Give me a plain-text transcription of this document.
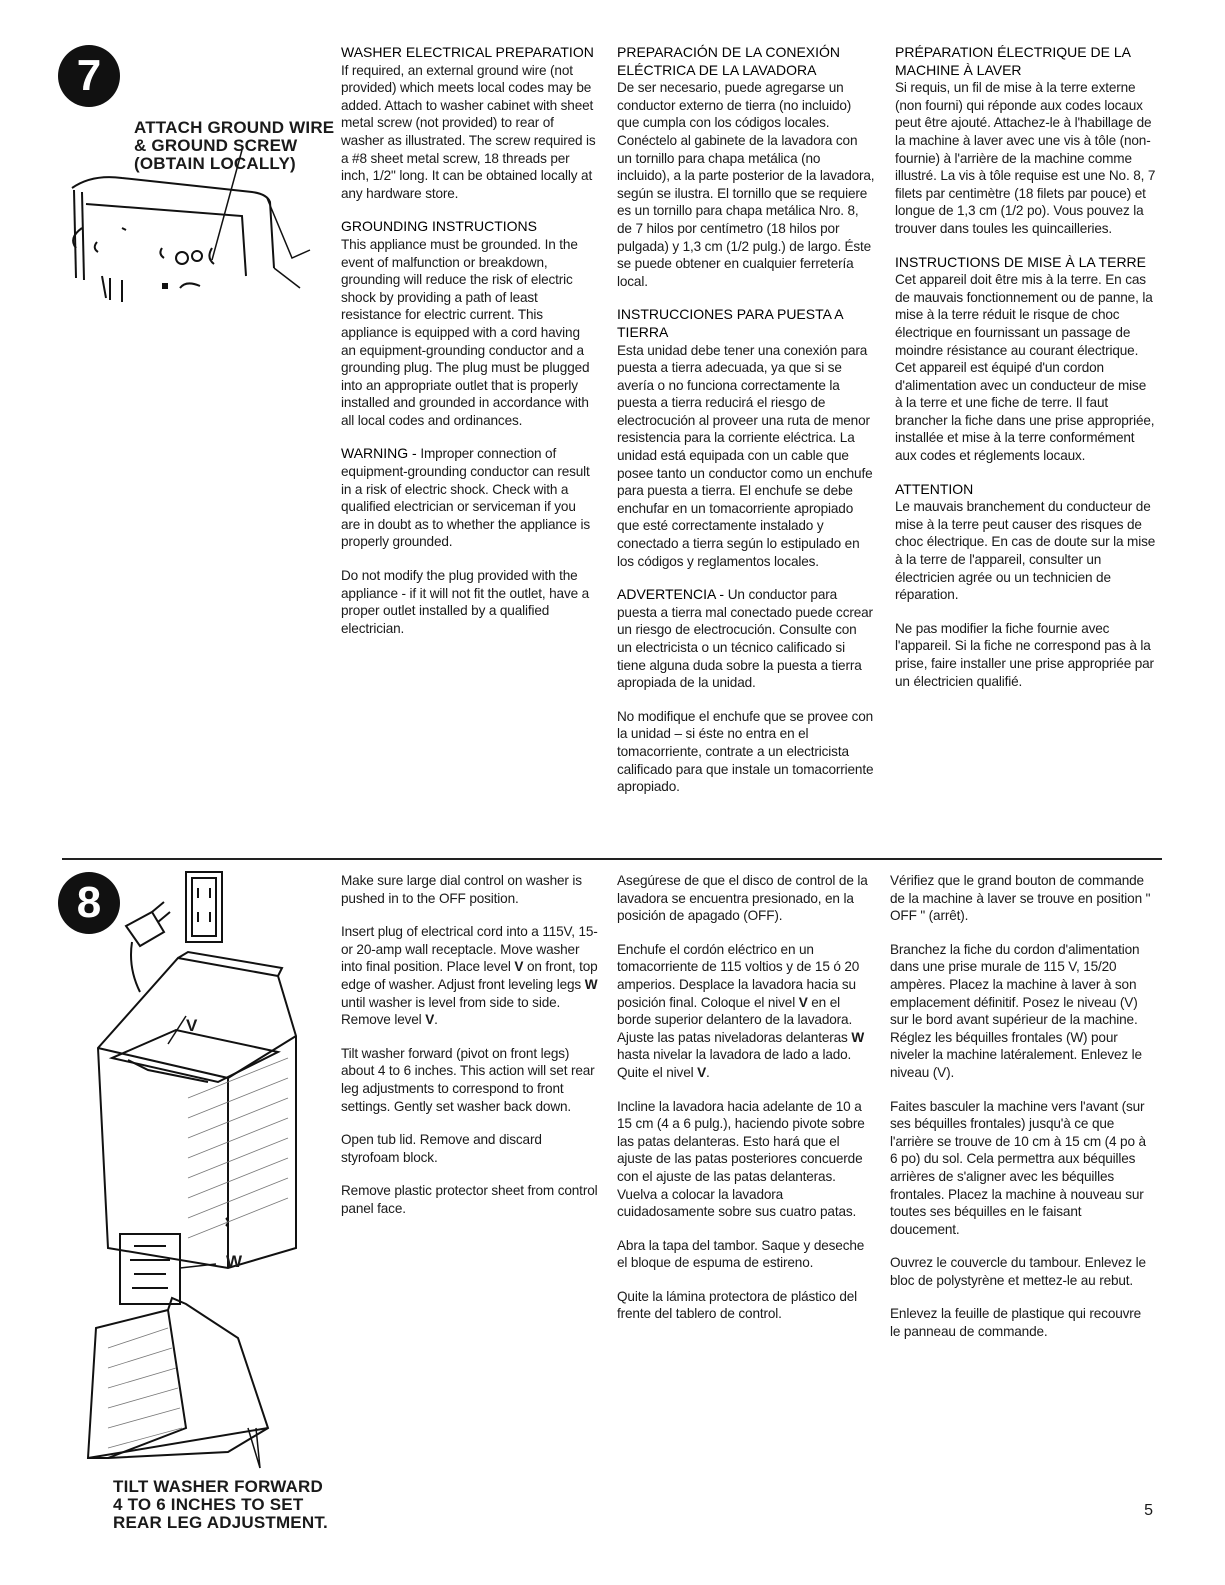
7
ATTACH GROUND WIRE
& GROUND SCREW
(OBTAIN LOCALLY)
WASHER ELECTRICAL PREPARATION
If required, an external ground wire (not provided) which meets local codes may be added. Attach to washer cabinet with sheet metal screw (not provided) to rear of washer as illustrated. The screw required is a #8 sheet metal screw, 18 threads per inch, 1/2" long. It can be obtained locally at any hardware store.
GROUNDING INSTRUCTIONS
This appliance must be grounded. In the event of malfunction or breakdown, grounding will reduce the risk of electric shock by providing a path of least resistance for electric current. This appliance is equipped with a cord having an equipment-grounding conductor and a grounding plug. The plug must be plugged into an appropriate outlet that is properly installed and grounded in accordance with all local codes and ordinances.
WARNING - Improper connection of equipment-grounding conductor can result in a risk of electric shock. Check with a qualified electrician or serviceman if you are in doubt as to whether the appliance is properly grounded.
Do not modify the plug provided with the appliance - if it will not fit the outlet, have a proper outlet installed by a qualified electrician.
PREPARACIÓN DE LA CONEXIÓN ELÉCTRICA DE LA LAVADORA
De ser necesario, puede agregarse un conductor externo de tierra (no incluido) que cumpla con los códigos locales. Conéctelo al gabinete de la lavadora con un tornillo para chapa metálica (no incluido), a la parte posterior de la lavadora, según se ilustra. El tornillo que se requiere es un tornillo para chapa metálica Nro. 8, de 7 hilos por centímetro (18 hilos por pulgada) y 1,3 cm (1/2 pulg.) de largo. Éste se puede obtener en cualquier ferretería local.
INSTRUCCIONES PARA PUESTA A TIERRA
Esta unidad debe tener una conexión para puesta a tierra adecuada, ya que si se avería o no funciona correctamente la puesta a tierra reducirá el riesgo de electrocución al proveer una ruta de menor resistencia para la corriente eléctrica. La unidad está equipada con un cable que posee tanto un conductor como un enchufe para puesta a tierra. El enchufe se debe enchufar en un tomacorriente apropiado que esté correctamente instalado y conectado a tierra según lo estipulado en los códigos y reglamentos locales.
ADVERTENCIA - Un conductor para puesta a tierra mal conectado puede ccrear un riesgo de electrocución. Consulte con un electricista o un técnico calificado si tiene alguna duda sobre la puesta a tierra apropiada de la unidad.
No modifique el enchufe que se provee con la unidad – si éste no entra en el tomacorriente, contrate a un electricista calificado para que instale un tomacorriente apropiado.
PRÉPARATION ÉLECTRIQUE DE LA MACHINE À LAVER
Si requis, un fil de mise à la terre externe (non fourni) qui réponde aux codes locaux peut être ajouté. Attachez-le à l'habillage de la machine à laver avec une vis à tôle (non-fournie) à l'arrière de la machine comme illustré. La vis à tôle requise est une No. 8, 7 filets par centimètre (18 filets par pouce) et longue de 1,3 cm (1/2 po). Vous pouvez la trouver dans toules les quincailleries.
INSTRUCTIONS DE MISE À LA TERRE
Cet appareil doit être mis à la terre. En cas de mauvais fonctionnement ou de panne, la mise à la terre réduit le risque de choc électrique en fournissant un passage de moindre résistance au courant électrique. Cet appareil est équipé d'un cordon d'alimentation avec un conducteur de mise à la terre et une fiche de terre. Il faut brancher la fiche dans une prise appropriée, installée et mise à la terre conformément aux codes et réglements locaux.
ATTENTION
Le mauvais branchement du conducteur de mise à la terre peut causer des risques de choc électrique. En cas de doute sur la mise à la terre de l'appareil, consulter un électricien agrée ou un technicien de réparation.
Ne pas modifier la fiche fournie avec l'appareil. Si la fiche ne correspond pas à la prise, faire installer une prise appropriée par un électricien qualifié.
8
V
W
TILT WASHER FORWARD
4 TO 6 INCHES TO SET
REAR LEG ADJUSTMENT.
Make sure large dial control on washer is pushed in to the OFF position.
Insert plug of electrical cord into a 115V, 15- or 20-amp wall receptacle. Move washer into final position. Place level V on front, top edge of washer. Adjust front leveling legs W until washer is level from side to side. Remove level V.
Tilt washer forward (pivot on front legs) about 4 to 6 inches. This action will set rear leg adjustments to correspond to front settings. Gently set washer back down.
Open tub lid. Remove and discard styrofoam block.
Remove plastic protector sheet from control panel face.
Asegúrese de que el disco de control de la lavadora se encuentra presionado, en la posición de apagado (OFF).
Enchufe el cordón eléctrico en un tomacorriente de 115 voltios y de 15 ó 20 amperios. Desplace la lavadora hacia su posición final. Coloque el nivel V en el borde superior delantero de la lavadora. Ajuste las patas niveladoras delanteras W hasta nivelar la lavadora de lado a lado. Quite el nivel V.
Incline la lavadora hacia adelante de 10 a 15 cm (4 a 6 pulg.), haciendo pivote sobre las patas delanteras. Esto hará que el ajuste de las patas posteriores concuerde con el ajuste de las patas delanteras. Vuelva a colocar la lavadora cuidadosamente sobre sus cuatro patas.
Abra la tapa del tambor. Saque y deseche el bloque de espuma de estireno.
Quite la lámina protectora de plástico del frente del tablero de control.
Vérifiez que le grand bouton de commande de la machine à laver se trouve en position " OFF " (arrêt).
Branchez la fiche du cordon d'alimentation dans une prise murale de 115 V, 15/20 ampères. Placez la machine à laver à son emplacement définitif. Posez le niveau (V) sur le bord avant supérieur de la machine. Réglez les béquilles frontales (W) pour niveler la machine latéralement. Enlevez le niveau (V).
Faites basculer la machine vers l'avant (sur ses béquilles frontales) jusqu'à ce que l'arrière se trouve de 10 cm à 15 cm (4 po à 6 po) du sol. Cela permettra aux béquilles arrières de s'aligner avec les béquilles frontales. Placez la machine à nouveau sur toutes ses béquilles en le faisant doucement.
Ouvrez le couvercle du tambour. Enlevez le bloc de polystyrène et mettez-le au rebut.
Enlevez la feuille de plastique qui recouvre le panneau de commande.
5
